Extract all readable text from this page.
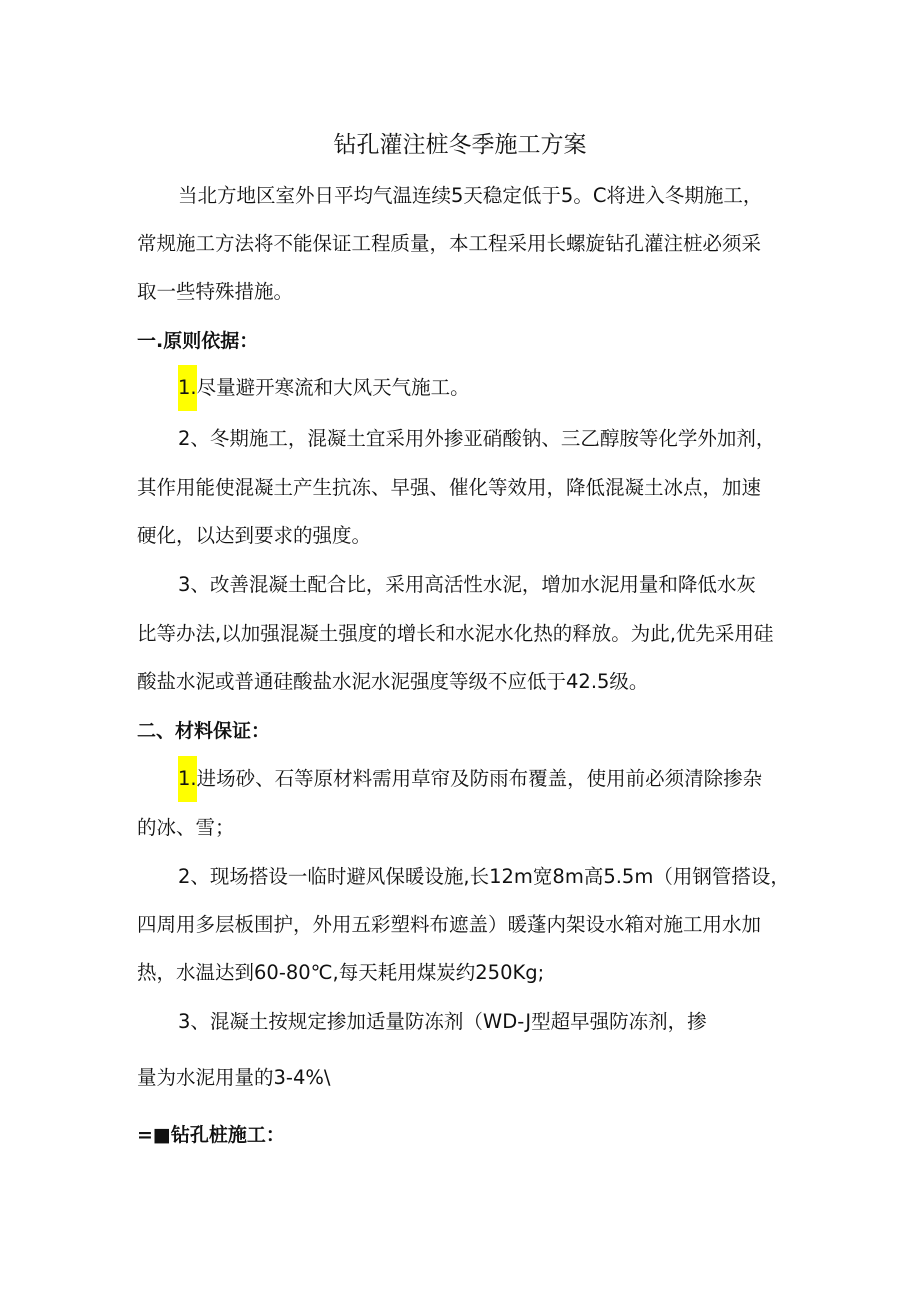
钻孔灌注桩冬季施工方案
当北方地区室外日平均气温连续5天稳定低于5。C将进入冬期施工，
常规施工方法将不能保证工程质量，本工程采用长螺旋钻孔灌注桩必须采
取一些特殊措施。
一.原则依据：
1.尽量避开寒流和大风天气施工。
2、冬期施工，混凝土宜采用外掺亚硝酸钠、三乙醇胺等化学外加剂，
其作用能使混凝土产生抗冻、早强、催化等效用，降低混凝土冰点，加速
硬化，以达到要求的强度。
3、改善混凝土配合比，采用高活性水泥，增加水泥用量和降低水灰
比等办法,以加强混凝土强度的增长和水泥水化热的释放。为此,优先采用硅
酸盐水泥或普通硅酸盐水泥水泥强度等级不应低于42.5级。
二、材料保证：
1.进场砂、石等原材料需用草帘及防雨布覆盖，使用前必须清除掺杂
的冰、雪；
2、现场搭设一临时避风保暖设施,长12m宽8m高5.5m（用钢管搭设，
四周用多层板围护，外用五彩塑料布遮盖）暖蓬内架设水箱对施工用水加
热，水温达到60-80℃,每天耗用煤炭约250Kg;
3、混凝土按规定掺加适量防冻剂（WD-J型超早强防冻剂，掺
量为水泥用量的3-4%\
=■钻孔桩施工：
